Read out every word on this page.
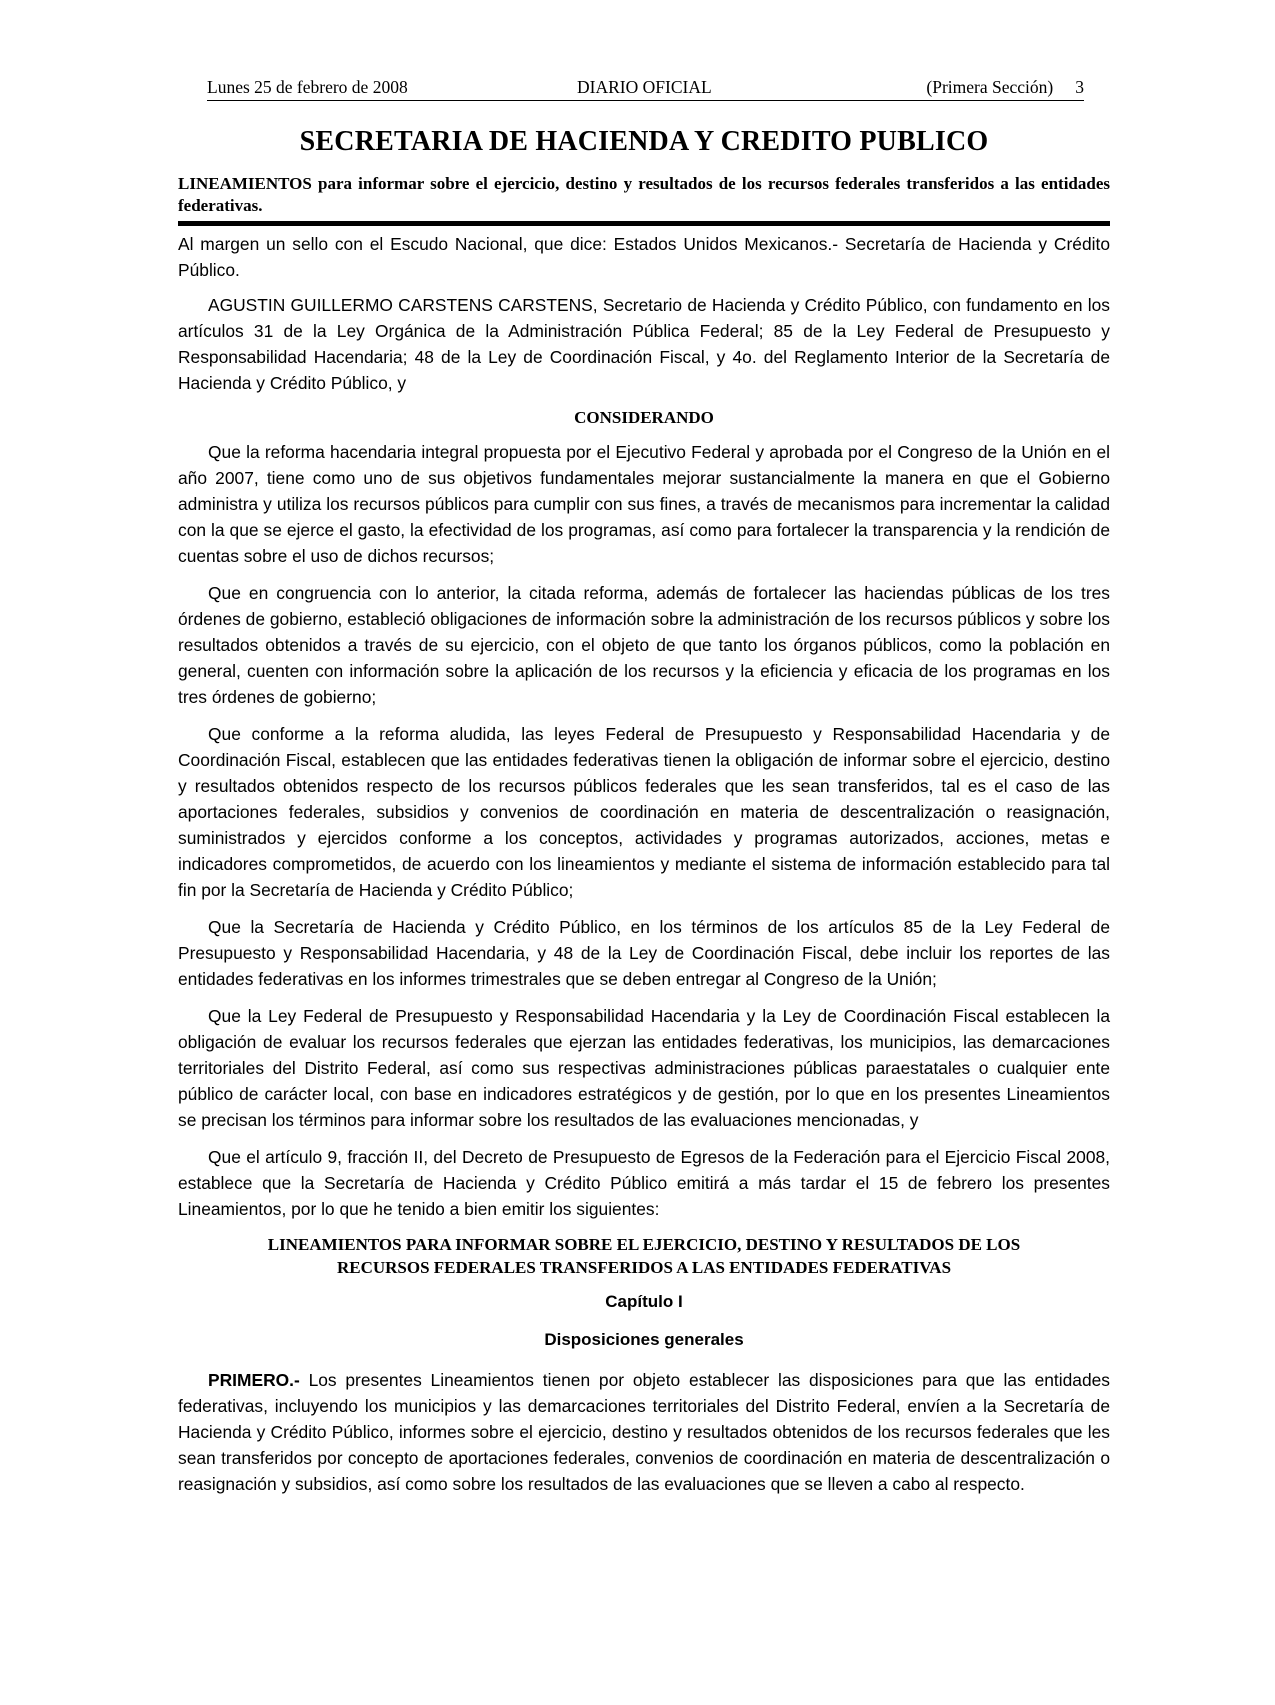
Lunes 25 de febrero de 2008	DIARIO OFICIAL	(Primera Sección) 3
SECRETARIA DE HACIENDA Y CREDITO PUBLICO
LINEAMIENTOS para informar sobre el ejercicio, destino y resultados de los recursos federales transferidos a las entidades federativas.

Al margen un sello con el Escudo Nacional, que dice: Estados Unidos Mexicanos.- Secretaría de Hacienda y Crédito Público.

AGUSTIN GUILLERMO CARSTENS CARSTENS, Secretario de Hacienda y Crédito Público, con fundamento en los artículos 31 de la Ley Orgánica de la Administración Pública Federal; 85 de la Ley Federal de Presupuesto y Responsabilidad Hacendaria; 48 de la Ley de Coordinación Fiscal, y 4o. del Reglamento Interior de la Secretaría de Hacienda y Crédito Público, y

CONSIDERANDO

Que la reforma hacendaria integral propuesta por el Ejecutivo Federal y aprobada por el Congreso de la Unión en el año 2007, tiene como uno de sus objetivos fundamentales mejorar sustancialmente la manera en que el Gobierno administra y utiliza los recursos públicos para cumplir con sus fines, a través de mecanismos para incrementar la calidad con la que se ejerce el gasto, la efectividad de los programas, así como para fortalecer la transparencia y la rendición de cuentas sobre el uso de dichos recursos;

Que en congruencia con lo anterior, la citada reforma, además de fortalecer las haciendas públicas de los tres órdenes de gobierno, estableció obligaciones de información sobre la administración de los recursos públicos y sobre los resultados obtenidos a través de su ejercicio, con el objeto de que tanto los órganos públicos, como la población en general, cuenten con información sobre la aplicación de los recursos y la eficiencia y eficacia de los programas en los tres órdenes de gobierno;

Que conforme a la reforma aludida, las leyes Federal de Presupuesto y Responsabilidad Hacendaria y de Coordinación Fiscal, establecen que las entidades federativas tienen la obligación de informar sobre el ejercicio, destino y resultados obtenidos respecto de los recursos públicos federales que les sean transferidos, tal es el caso de las aportaciones federales, subsidios y convenios de coordinación en materia de descentralización o reasignación, suministrados y ejercidos conforme a los conceptos, actividades y programas autorizados, acciones, metas e indicadores comprometidos, de acuerdo con los lineamientos y mediante el sistema de información establecido para tal fin por la Secretaría de Hacienda y Crédito Público;

Que la Secretaría de Hacienda y Crédito Público, en los términos de los artículos 85 de la Ley Federal de Presupuesto y Responsabilidad Hacendaria, y 48 de la Ley de Coordinación Fiscal, debe incluir los reportes de las entidades federativas en los informes trimestrales que se deben entregar al Congreso de la Unión;

Que la Ley Federal de Presupuesto y Responsabilidad Hacendaria y la Ley de Coordinación Fiscal establecen la obligación de evaluar los recursos federales que ejerzan las entidades federativas, los municipios, las demarcaciones territoriales del Distrito Federal, así como sus respectivas administraciones públicas paraestatales o cualquier ente público de carácter local, con base en indicadores estratégicos y de gestión, por lo que en los presentes Lineamientos se precisan los términos para informar sobre los resultados de las evaluaciones mencionadas, y

Que el artículo 9, fracción II, del Decreto de Presupuesto de Egresos de la Federación para el Ejercicio Fiscal 2008, establece que la Secretaría de Hacienda y Crédito Público emitirá a más tardar el 15 de febrero los presentes Lineamientos, por lo que he tenido a bien emitir los siguientes:

LINEAMIENTOS PARA INFORMAR SOBRE EL EJERCICIO, DESTINO Y RESULTADOS DE LOS
RECURSOS FEDERALES TRANSFERIDOS A LAS ENTIDADES FEDERATIVAS
Capítulo I
Disposiciones generales

PRIMERO.- Los presentes Lineamientos tienen por objeto establecer las disposiciones para que las entidades federativas, incluyendo los municipios y las demarcaciones territoriales del Distrito Federal, envíen a la Secretaría de Hacienda y Crédito Público, informes sobre el ejercicio, destino y resultados obtenidos de los recursos federales que les sean transferidos por concepto de aportaciones federales, convenios de coordinación en materia de descentralización o reasignación y subsidios, así como sobre los resultados de las evaluaciones que se lleven a cabo al respecto.
